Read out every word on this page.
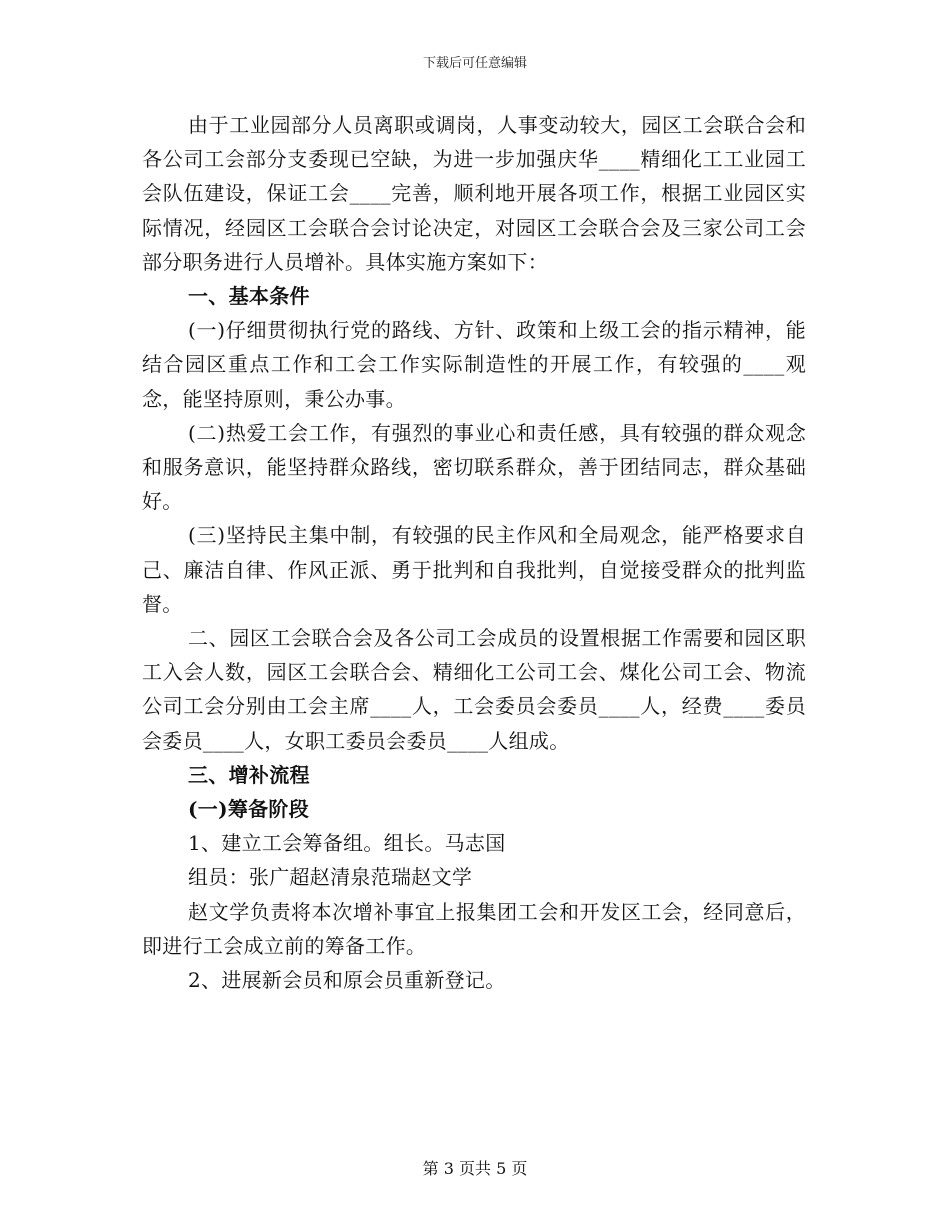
下载后可任意编辑

由于工业园部分人员离职或调岗，人事变动较大，园区工会联合会和各公司工会部分支委现已空缺，为进一步加强庆华____精细化工工业园工会队伍建设，保证工会____完善，顺利地开展各项工作，根据工业园区实际情况，经园区工会联合会讨论决定，对园区工会联合会及三家公司工会部分职务进行人员增补。具体实施方案如下：

一、基本条件

(一)仔细贯彻执行党的路线、方针、政策和上级工会的指示精神，能结合园区重点工作和工会工作实际制造性的开展工作，有较强的____观念，能坚持原则，秉公办事。

(二)热爱工会工作，有强烈的事业心和责任感，具有较强的群众观念和服务意识，能坚持群众路线，密切联系群众，善于团结同志，群众基础好。

(三)坚持民主集中制，有较强的民主作风和全局观念，能严格要求自己、廉洁自律、作风正派、勇于批判和自我批判，自觉接受群众的批判监督。

二、园区工会联合会及各公司工会成员的设置根据工作需要和园区职工入会人数，园区工会联合会、精细化工公司工会、煤化公司工会、物流公司工会分别由工会主席____人，工会委员会委员____人，经费____委员会委员____人，女职工委员会委员____人组成。

三、增补流程

(一)筹备阶段

1、建立工会筹备组。组长。马志国

组员：张广超赵清泉范瑞赵文学

赵文学负责将本次增补事宜上报集团工会和开发区工会，经同意后，即进行工会成立前的筹备工作。

2、进展新会员和原会员重新登记。

第 3 页共 5 页
